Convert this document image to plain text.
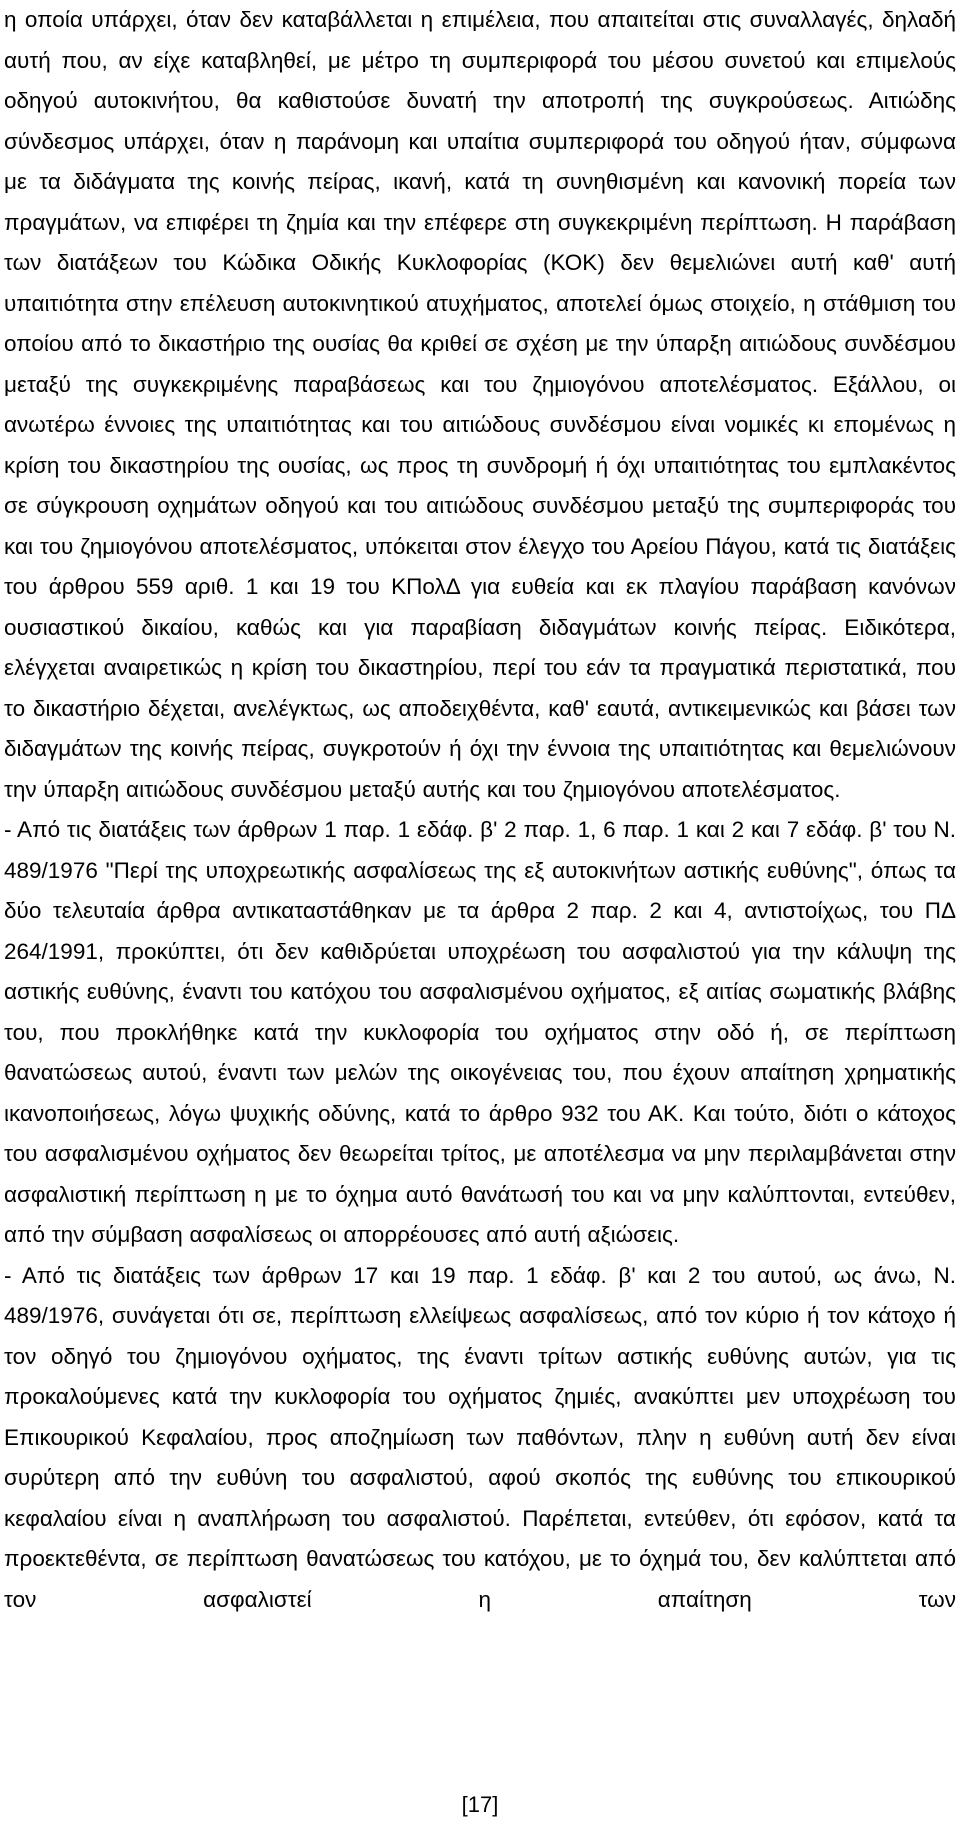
η οποία υπάρχει, όταν δεν καταβάλλεται η επιμέλεια, που απαιτείται στις συναλλαγές, δηλαδή αυτή που, αν είχε καταβληθεί, με μέτρο τη συμπεριφορά του μέσου συνετού και επιμελούς οδηγού αυτοκινήτου, θα καθιστούσε δυνατή την αποτροπή της συγκρούσεως. Αιτιώδης σύνδεσμος υπάρχει, όταν η παράνομη και υπαίτια συμπεριφορά του οδηγού ήταν, σύμφωνα με τα διδάγματα της κοινής πείρας, ικανή, κατά τη συνηθισμένη και κανονική πορεία των πραγμάτων, να επιφέρει τη ζημία και την επέφερε στη συγκεκριμένη περίπτωση. Η παράβαση των διατάξεων του Κώδικα Οδικής Κυκλοφορίας (ΚΟΚ) δεν θεμελιώνει αυτή καθ' αυτή υπαιτιότητα στην επέλευση αυτοκινητικού ατυχήματος, αποτελεί όμως στοιχείο, η στάθμιση του οποίου από το δικαστήριο της ουσίας θα κριθεί σε σχέση με την ύπαρξη αιτιώδους συνδέσμου μεταξύ της συγκεκριμένης παραβάσεως και του ζημιογόνου αποτελέσματος. Εξάλλου, οι ανωτέρω έννοιες της υπαιτιότητας και του αιτιώδους συνδέσμου είναι νομικές κι επομένως η κρίση του δικαστηρίου της ουσίας, ως προς τη συνδρομή ή όχι υπαιτιότητας του εμπλακέντος σε σύγκρουση οχημάτων οδηγού και του αιτιώδους συνδέσμου μεταξύ της συμπεριφοράς του και του ζημιογόνου αποτελέσματος, υπόκειται στον έλεγχο του Αρείου Πάγου, κατά τις διατάξεις του άρθρου 559 αριθ. 1 και 19 του ΚΠολΔ για ευθεία και εκ πλαγίου παράβαση κανόνων ουσιαστικού δικαίου, καθώς και για παραβίαση διδαγμάτων κοινής πείρας. Ειδικότερα, ελέγχεται αναιρετικώς η κρίση του δικαστηρίου, περί του εάν τα πραγματικά περιστατικά, που το δικαστήριο δέχεται, ανελέγκτως, ως αποδειχθέντα, καθ' εαυτά, αντικειμενικώς και βάσει των διδαγμάτων της κοινής πείρας, συγκροτούν ή όχι την έννοια της υπαιτιότητας και θεμελιώνουν την ύπαρξη αιτιώδους συνδέσμου μεταξύ αυτής και του ζημιογόνου αποτελέσματος.
- Από τις διατάξεις των άρθρων 1 παρ. 1 εδάφ. β' 2 παρ. 1, 6 παρ. 1 και 2 και 7 εδάφ. β' του Ν. 489/1976 "Περί της υποχρεωτικής ασφαλίσεως της εξ αυτοκινήτων αστικής ευθύνης", όπως τα δύο τελευταία άρθρα αντικαταστάθηκαν με τα άρθρα 2 παρ. 2 και 4, αντιστοίχως, του ΠΔ 264/1991, προκύπτει, ότι δεν καθιδρύεται υποχρέωση του ασφαλιστού για την κάλυψη της αστικής ευθύνης, έναντι του κατόχου του ασφαλισμένου οχήματος, εξ αιτίας σωματικής βλάβης του, που προκλήθηκε κατά την κυκλοφορία του οχήματος στην οδό ή, σε περίπτωση θανατώσεως αυτού, έναντι των μελών της οικογένειας του, που έχουν απαίτηση χρηματικής ικανοποιήσεως, λόγω ψυχικής οδύνης, κατά το άρθρο 932 του ΑΚ. Και τούτο, διότι ο κάτοχος του ασφαλισμένου οχήματος δεν θεωρείται τρίτος, με αποτέλεσμα να μην περιλαμβάνεται στην ασφαλιστική περίπτωση η με το όχημα αυτό θανάτωσή του και να μην καλύπτονται, εντεύθεν, από την σύμβαση ασφαλίσεως οι απορρέουσες από αυτή αξιώσεις.
- Από τις διατάξεις των άρθρων 17 και 19 παρ. 1 εδάφ. β' και 2 του αυτού, ως άνω, Ν. 489/1976, συνάγεται ότι σε, περίπτωση ελλείψεως ασφαλίσεως, από τον κύριο ή τον κάτοχο ή τον οδηγό του ζημιογόνου οχήματος, της έναντι τρίτων αστικής ευθύνης αυτών, για τις προκαλούμενες κατά την κυκλοφορία του οχήματος ζημιές, ανακύπτει μεν υποχρέωση του Επικουρικού Κεφαλαίου, προς αποζημίωση των παθόντων, πλην η ευθύνη αυτή δεν είναι συρύτερη από την ευθύνη του ασφαλιστού, αφού σκοπός της ευθύνης του επικουρικού κεφαλαίου είναι η αναπλήρωση του ασφαλιστού. Παρέπεται, εντεύθεν, ότι εφόσον, κατά τα προεκτεθέντα, σε περίπτωση θανατώσεως του κατόχου, με το όχημά του, δεν καλύπτεται από τον ασφαλιστεί η απαίτηση των
[17]
